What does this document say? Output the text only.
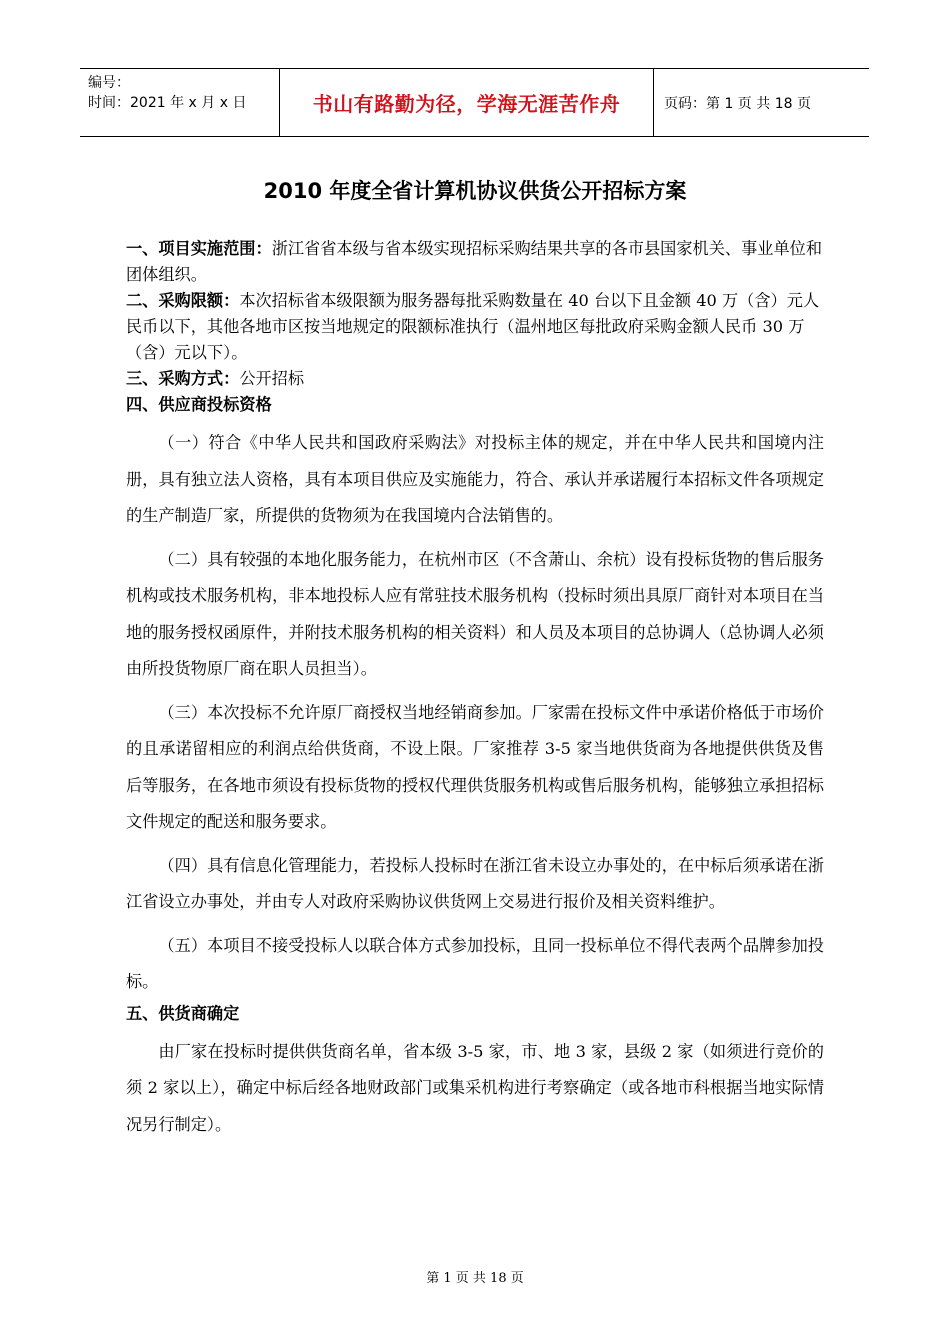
编号：
时间：2021 年 x 月 x 日	书山有路勤为径，学海无涯苦作舟	页码：第 1 页 共 18 页
2010 年度全省计算机协议供货公开招标方案

一、项目实施范围：浙江省省本级与省本级实现招标采购结果共享的各市县国家机关、事业单位和团体组织。

二、采购限额：本次招标省本级限额为服务器每批采购数量在 40 台以下且金额 40 万（含）元人民币以下，其他各地市区按当地规定的限额标准执行（温州地区每批政府采购金额人民币 30 万（含）元以下）。

三、采购方式：公开招标

四、供应商投标资格

（一）符合《中华人民共和国政府采购法》对投标主体的规定，并在中华人民共和国境内注册，具有独立法人资格，具有本项目供应及实施能力，符合、承认并承诺履行本招标文件各项规定的生产制造厂家，所提供的货物须为在我国境内合法销售的。

（二）具有较强的本地化服务能力，在杭州市区（不含萧山、余杭）设有投标货物的售后服务机构或技术服务机构，非本地投标人应有常驻技术服务机构（投标时须出具原厂商针对本项目在当地的服务授权函原件，并附技术服务机构的相关资料）和人员及本项目的总协调人（总协调人必须由所投货物原厂商在职人员担当）。

（三）本次投标不允许原厂商授权当地经销商参加。厂家需在投标文件中承诺价格低于市场价的且承诺留相应的利润点给供货商，不设上限。厂家推荐 3-5 家当地供货商为各地提供供货及售后等服务，在各地市须设有投标货物的授权代理供货服务机构或售后服务机构，能够独立承担招标文件规定的配送和服务要求。

（四）具有信息化管理能力，若投标人投标时在浙江省未设立办事处的，在中标后须承诺在浙江省设立办事处，并由专人对政府采购协议供货网上交易进行报价及相关资料维护。

（五）本项目不接受投标人以联合体方式参加投标，且同一投标单位不得代表两个品牌参加投标。

五、供货商确定

由厂家在投标时提供供货商名单，省本级 3-5 家，市、地 3 家，县级 2 家（如须进行竞价的须 2 家以上），确定中标后经各地财政部门或集采机构进行考察确定（或各地市科根据当地实际情况另行制定）。

第 1 页 共 18 页
